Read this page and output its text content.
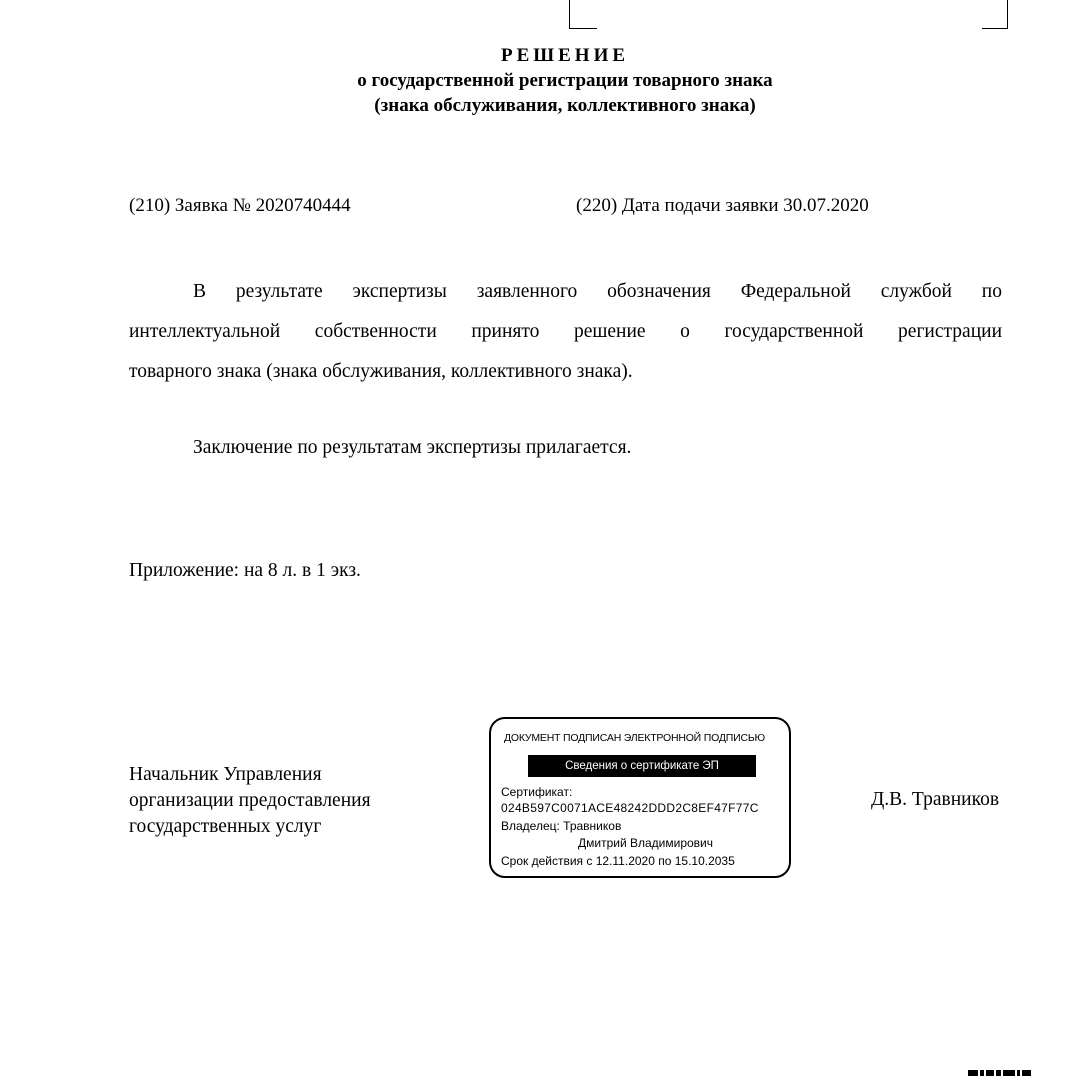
РЕШЕНИЕ
о государственной регистрации товарного знака
(знака обслуживания, коллективного знака)
(210) Заявка № 2020740444	(220) Дата подачи заявки 30.07.2020
В результате экспертизы заявленного обозначения Федеральной службой по
интеллектуальной собственности принято решение о государственной регистрации
товарного знака (знака обслуживания, коллективного знака).
Заключение по результатам экспертизы прилагается.
Приложение: на 8 л. в 1 экз.
Начальник Управления
организации предоставления
государственных услуг
ДОКУМЕНТ ПОДПИСАН ЭЛЕКТРОННОЙ ПОДПИСЬЮ
Сведения о сертификате ЭП
Сертификат:
024B597C0071ACE48242DDD2C8EF47F77C
Владелец: Травников
Дмитрий Владимирович
Срок действия с 12.11.2020 по 15.10.2035
Д.В. Травников
